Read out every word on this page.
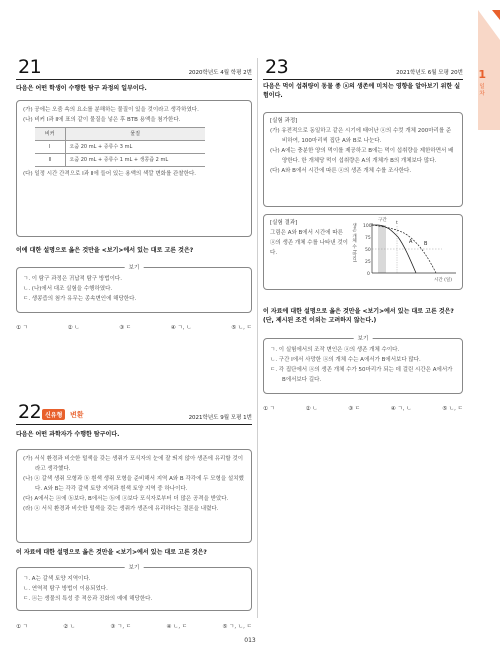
1
일차
21	2020학년도 4월 학평 2번
다음은 어떤 학생이 수행한 탐구 과정의 일부이다.

(가) 공에는 오줌 속의 요소를 분해하는 물질이 있을 것이라고 생각하였다.

(나) 비커 Ⅰ과 Ⅱ에 표의 같이 물질을 넣은 후 BTB 용액을 첨가한다.

비커	물질
Ⅰ	오줌 20 mL + 증류수 3 mL
Ⅱ	오줌 20 mL + 증류수 1 mL + 생콩즙 2 mL

(다) 일정 시간 간격으로 Ⅰ과 Ⅱ에 들어 있는 용액의 색깔 변화를 관찰한다.

이에 대한 설명으로 옳은 것만을 <보기>에서 있는 대로 고른 것은?
보기

ㄱ. 이 탐구 과정은 귀납적 탐구 방법이다.

ㄴ. (나)에서 대조 실험을 수행하였다.

ㄷ. 생콩즙의 첨가 유무는 종속변인에 해당한다.

① ㄱ	② ㄴ	③ ㄷ	④ ㄱ, ㄴ	⑤ ㄴ, ㄷ
22 신유형	변환	2021학년도 9월 모평 1번
다음은 어떤 과학자가 수행한 탐구이다.

(가) 서식 환경과 비슷한 털색을 갖는 생쥐가 포식자의 눈에 잘 띄지 않아 생존에 유리할 것이라고 생각했다.

(나) ⓐ 갈색 생쥐 모형과 ⓑ 흰색 생쥐 모형을 준비해서 지역 A와 B 각각에 두 모형을 설치했다. A와 B는 각각 갈색 토양 지역과 흰색 토양 지역 중 하나이다.

(다) A에서는 ⓐ에 ⓑ보다, B에서는 ⓑ에 ⓐ보다 포식자로부터 더 많은 공격을 받았다.

(라) ⓐ 서식 환경과 비슷한 털색을 갖는 생쥐가 생존에 유리하다는 결론을 내렸다.

이 자료에 대한 설명으로 옳은 것만을 <보기>에서 있는 대로 고른 것은?
보기

ㄱ. A는 갈색 토양 지역이다.

ㄴ. 연역적 탐구 방법이 이용되었다.

ㄷ. ⓐ는 생물의 특성 중 적응과 진화의 예에 해당한다.

① ㄱ	② ㄴ	③ ㄱ, ㄷ	④ ㄴ, ㄷ	⑤ ㄱ, ㄴ, ㄷ
23	2021학년도 6월 모평 20번
다음은 먹이 섭취량이 동물 종 ⓐ의 생존에 미치는 영향을 알아보기 위한 실험이다.
[실험 과정]

(가) 유전적으로 동일하고 같은 시기에 태어난 ⓐ의 수컷 개체 200마리를 준비하여, 100마리씩 집단 A와 B로 나눈다.

(나) A에는 충분한 양의 먹이를 제공하고 B에는 먹이 섭취량을 제한하면서 배양한다. 한 개체당 먹이 섭취량은 A의 개체가 B의 개체보다 많다.

(다) A와 B에서 시간에 따른 ⓐ의 생존 개체 수를 조사한다.

[실험 결과]

그림은 A와 B에서 시간에 따른 ⓐ의 생존 개체 수를 나타낸 것이다.	생존 개체 수 (마리) 100
75
50
25
0
구간
t
A B
시간 (일)
이 자료에 대한 설명으로 옳은 것만을 <보기>에서 있는 대로 고른 것은? (단, 제시된 조건 이외는 고려하지 않는다.)
보기

ㄱ. 이 실험에서의 조작 변인은 ⓐ의 생존 개체 수이다.

ㄴ. 구간 Ⅰ에서 사망한 ⓐ의 개체 수는 A에서가 B에서보다 많다.

ㄷ. 각 집단에서 ⓐ의 생존 개체 수가 50마리가 되는 데 걸린 시간은 A에서가 B에서보다 길다.

① ㄱ	② ㄴ	③ ㄷ	④ ㄱ, ㄴ	⑤ ㄴ, ㄷ
013
